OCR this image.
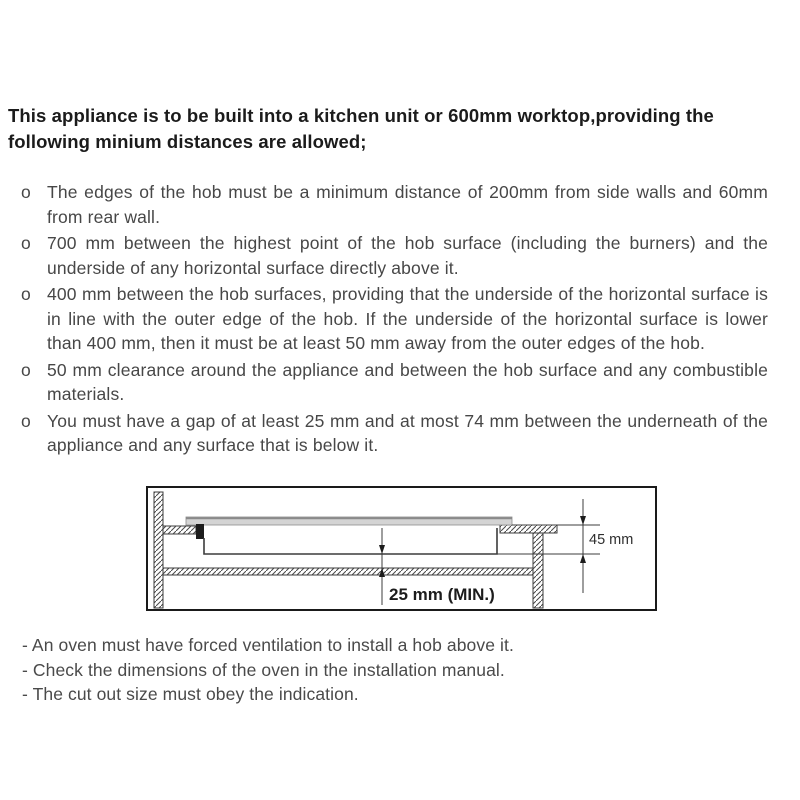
This appliance is to be built into a kitchen unit or 600mm worktop,providing the following minium distances are allowed;
o The edges of the hob must be a minimum distance of 200mm from side walls and 60mm from rear wall.

o 700 mm between the highest point of the hob surface (including the burners) and the underside of any horizontal surface directly above it.

o 400 mm between the hob surfaces, providing that the underside of the horizontal surface is in line with the outer edge of the hob. If the underside of the horizontal surface is lower than 400 mm, then it must be at least 50 mm away from the outer edges of the hob.

o 50 mm clearance around the appliance and between the hob surface and any combustible materials.

o You must have a gap of at least 25 mm and at most 74 mm between the underneath of the appliance and any surface that is below it.

45 mm
25 mm (MIN.)

- An oven must have forced ventilation to install a hob above it.

- Check the dimensions of the oven in the installation manual.

- The cut out size must obey the indication.
